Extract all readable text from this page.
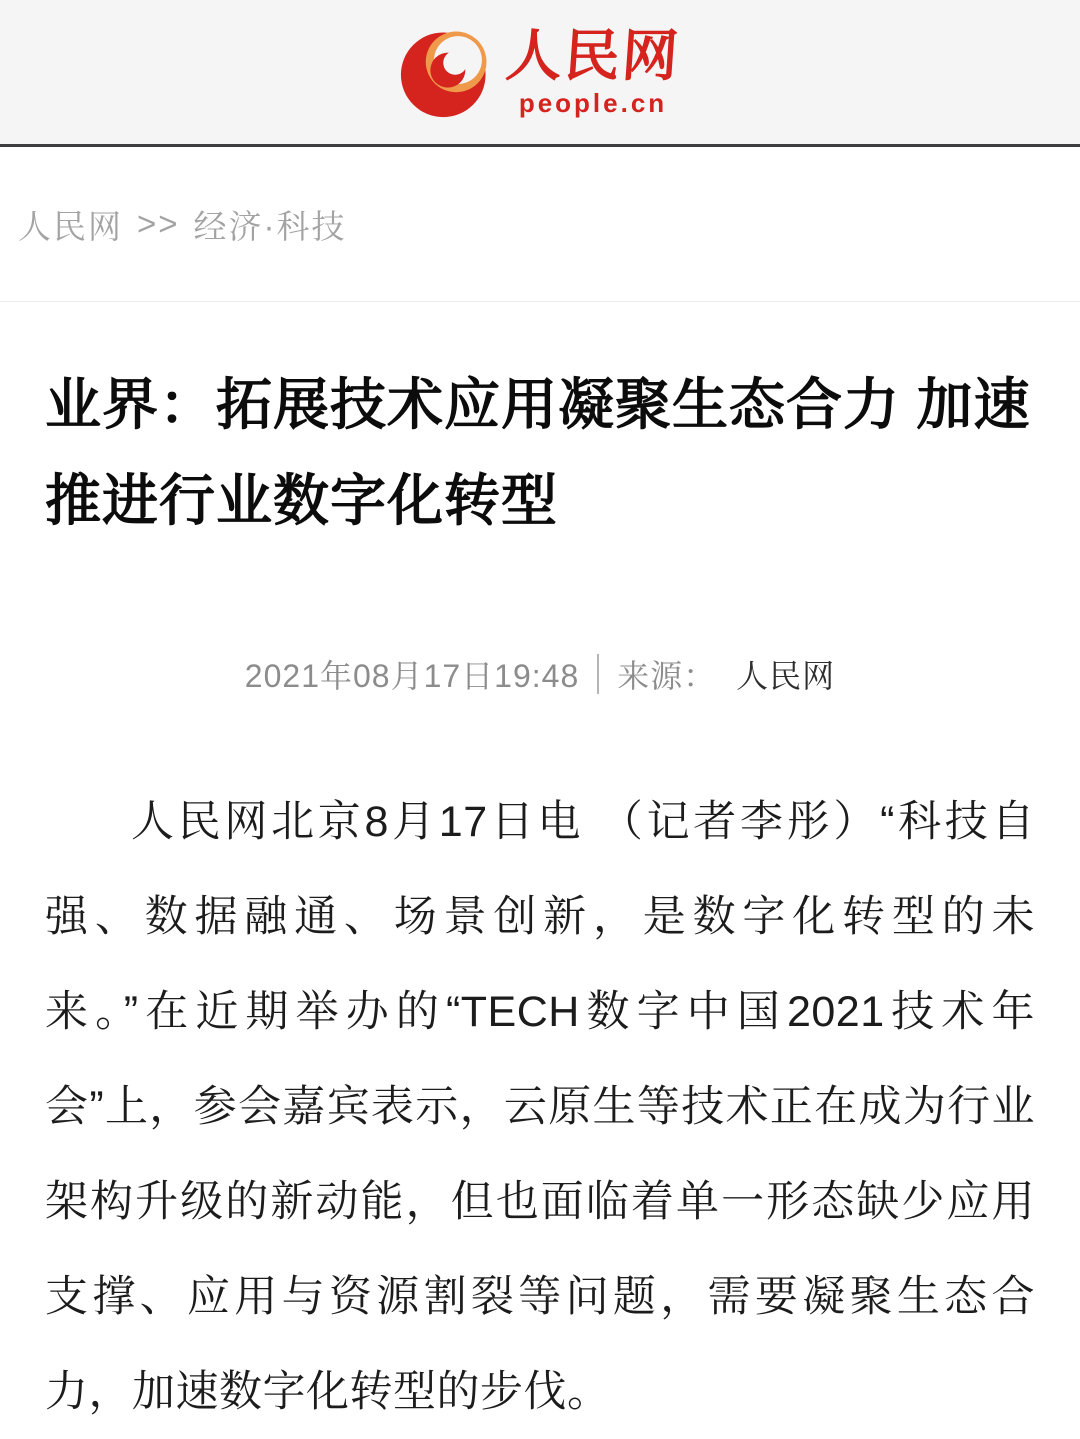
人民网
people.cn
人民网 >> 经济·科技
业界：拓展技术应用凝聚生态合力 加速推进行业数字化转型
2021年08月17日19:48 来源： 人民网

人民网北京8月17日电 （记者李彤）“科技自强、数据融通、场景创新，是数字化转型的未来。”在近期举办的“TECH数字中国2021技术年会”上，参会嘉宾表示，云原生等技术正在成为行业架构升级的新动能，但也面临着单一形态缺少应用支撑、应用与资源割裂等问题，需要凝聚生态合力，加速数字化转型的步伐。
